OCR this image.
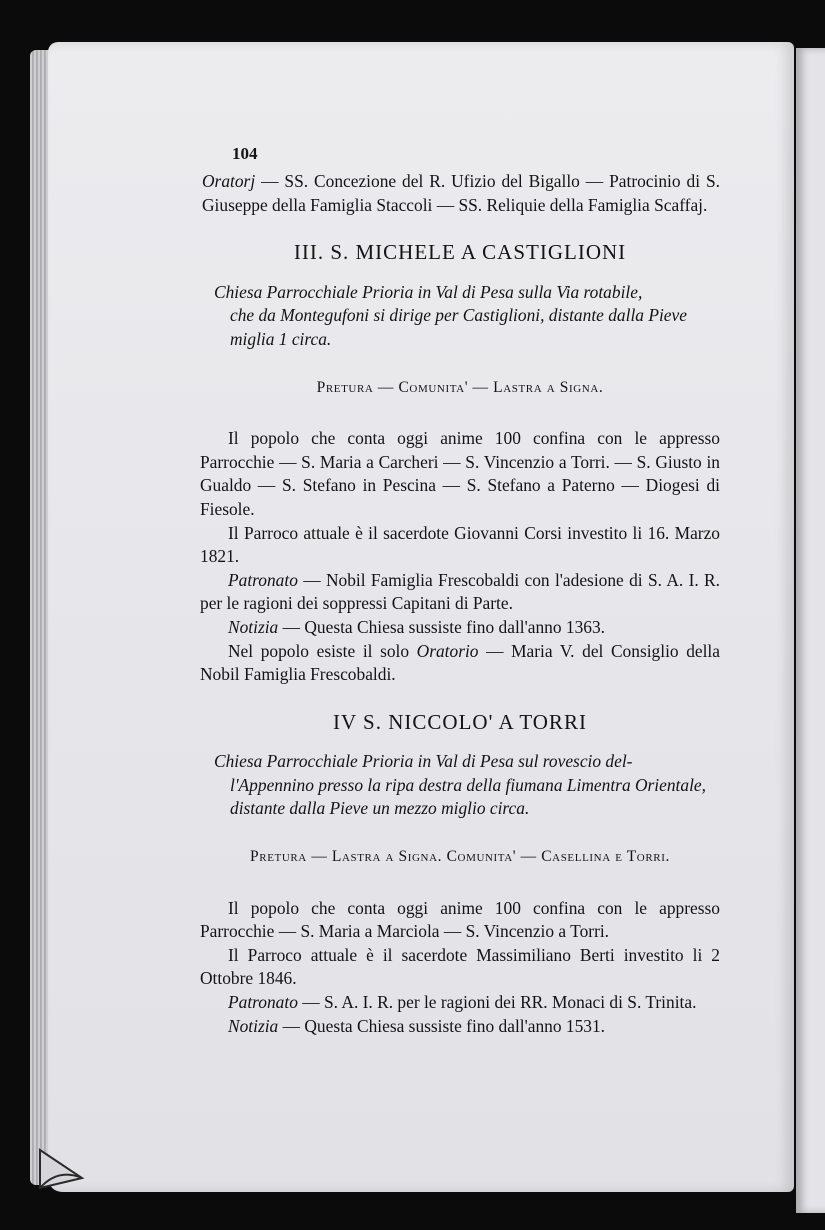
104

Oratorj — SS. Concezione del R. Ufizio del Bigallo — Patrocinio di S. Giuseppe della Famiglia Staccoli — SS. Reliquie della Famiglia Scaffaj.

III. S. MICHELE A CASTIGLIONI

Chiesa Parrocchiale Prioria in Val di Pesa sulla Via rotabile,
che da Montegufoni si dirige per Castiglioni, distante dalla Pieve miglia 1 circa.

Pretura — Comunita' — Lastra a Signa.

Il popolo che conta oggi anime 100 confina con le appresso Parrocchie — S. Maria a Carcheri — S. Vincenzio a Torri. — S. Giusto in Gualdo — S. Stefano in Pescina — S. Stefano a Paterno — Diogesi di Fiesole.

Il Parroco attuale è il sacerdote Giovanni Corsi investito li 16. Marzo 1821.

Patronato — Nobil Famiglia Frescobaldi con l'adesione di S. A. I. R. per le ragioni dei soppressi Capitani di Parte.

Notizia — Questa Chiesa sussiste fino dall'anno 1363.

Nel popolo esiste il solo Oratorio — Maria V. del Consiglio della Nobil Famiglia Frescobaldi.

IV S. NICCOLO' A TORRI

Chiesa Parrocchiale Prioria in Val di Pesa sul rovescio del-
l'Appennino presso la ripa destra della fiumana Limentra Orientale, distante dalla Pieve un mezzo miglio circa.

Pretura — Lastra a Signa. Comunita' — Casellina e Torri.

Il popolo che conta oggi anime 100 confina con le appresso Parrocchie — S. Maria a Marciola — S. Vincenzio a Torri.

Il Parroco attuale è il sacerdote Massimiliano Berti investito li 2 Ottobre 1846.

Patronato — S. A. I. R. per le ragioni dei RR. Monaci di S. Trinita.

Notizia — Questa Chiesa sussiste fino dall'anno 1531.
